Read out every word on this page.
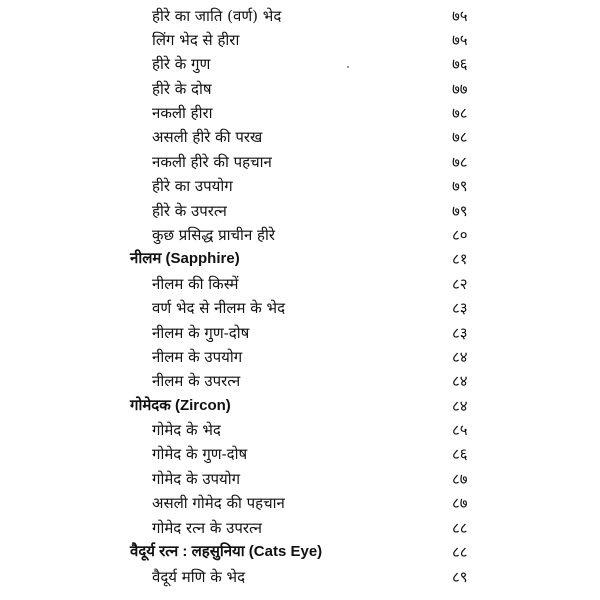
हीरे का जाति (वर्ण) भेद	७५
लिंग भेद से हीरा	७५
हीरे के गुण	७६
हीरे के दोष	७७
नकली हीरा	७८
असली हीरे की परख	७८
नकली हीरे की पहचान	७८
हीरे का उपयोग	७९
हीरे के उपरत्न	७९
कुछ प्रसिद्ध प्राचीन हीरे	८०
नीलम (Sapphire)	८१
नीलम की किस्में	८२
वर्ण भेद से नीलम के भेद	८३
नीलम के गुण-दोष	८३
नीलम के उपयोग	८४
नीलम के उपरत्न	८४
गोमेदक (Zircon)	८४
गोमेद के भेद	८५
गोमेद के गुण-दोष	८६
गोमेद के उपयोग	८७
असली गोमेद की पहचान	८७
गोमेद रत्न के उपरत्न	८८
वैदूर्य रत्न : लहसुनिया (Cats Eye)	८८
वैदूर्य मणि के भेद	८९
